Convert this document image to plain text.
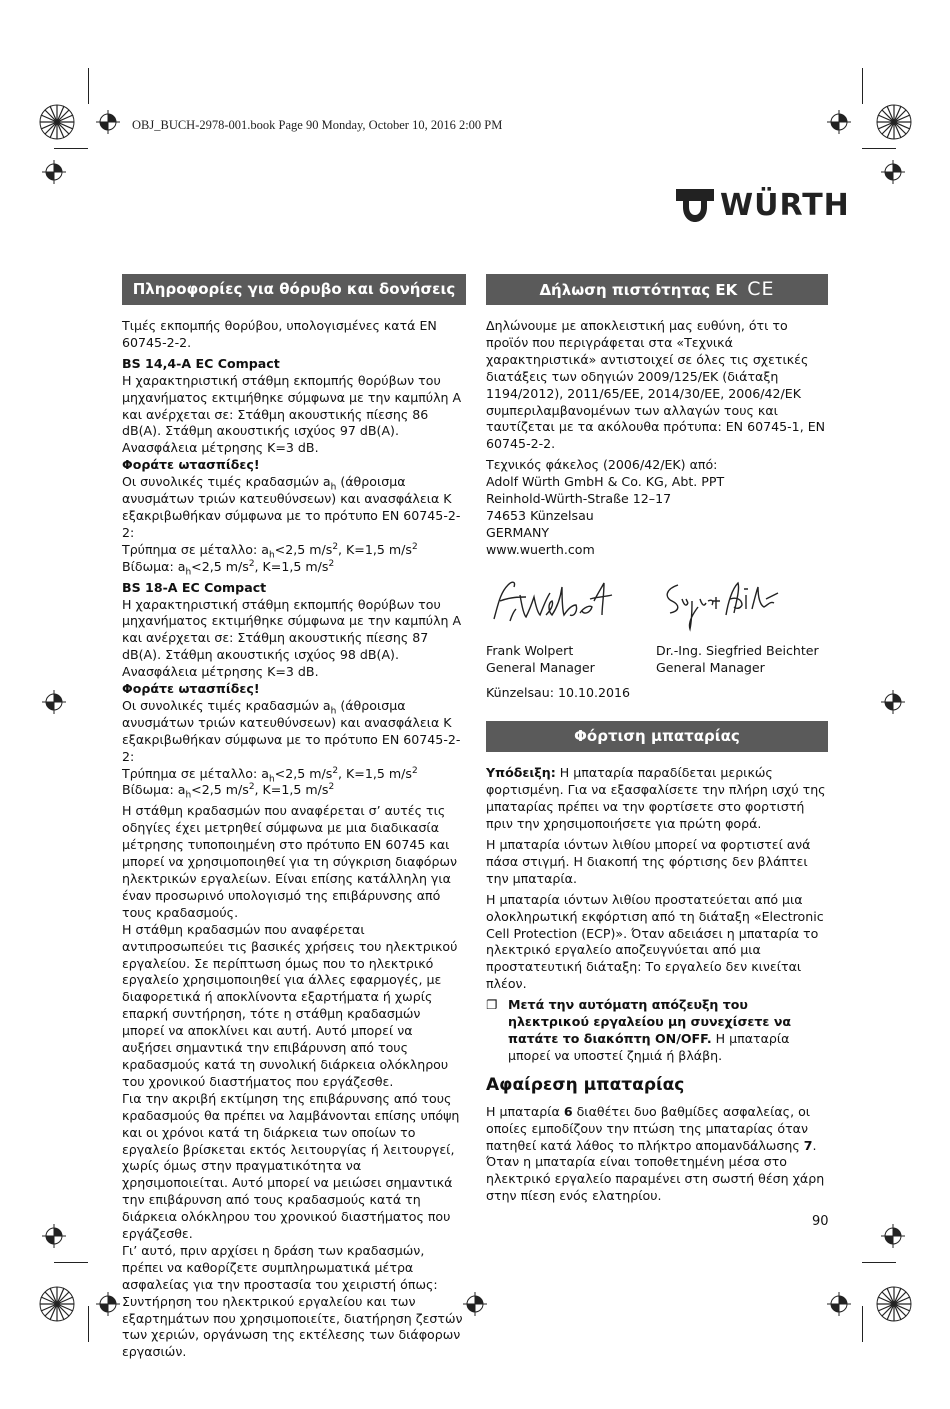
OBJ_BUCH-2978-001.book Page 90 Monday, October 10, 2016 2:00 PM
WÜRTH
Πληροφορίες για θόρυβο και δονήσεις

Τιμές εκπομπής θορύβου, υπολογισμένες κατά EN 60745-2-2.

BS 14,4-A EC Compact

Η χαρακτηριστική στάθμη εκπομπής θορύβων του μηχανήματος εκτιμήθηκε σύμφωνα με την καμπύλη A και ανέρχεται σε: Στάθμη ακουστικής πίεσης 86 dB(A). Στάθμη ακουστικής ισχύος 97 dB(A). Ανασφάλεια μέτρησης K=3 dB.

Φοράτε ωτασπίδες!

Οι συνολικές τιμές κραδασμών $a_h$ (άθροισμα ανυσμάτων τριών κατευθύνσεων) και ανασφάλεια K εξακριβωθήκαν σύμφωνα με το πρότυπο EN 60745-2-2:

Τρύπημα σε μέταλλο: $a_h<2,5$ $m/s^2$, K=1,5 $m/s^2$

Βίδωμα: $a_h<2,5$ $m/s^2$, K=1,5 $m/s^2$

BS 18-A EC Compact

Η χαρακτηριστική στάθμη εκπομπής θορύβων του μηχανήματος εκτιμήθηκε σύμφωνα με την καμπύλη A και ανέρχεται σε: Στάθμη ακουστικής πίεσης 87 dB(A). Στάθμη ακουστικής ισχύος 98 dB(A). Ανασφάλεια μέτρησης K=3 dB.

Φοράτε ωτασπίδες!

Οι συνολικές τιμές κραδασμών $a_h$ (άθροισμα ανυσμάτων τριών κατευθύνσεων) και ανασφάλεια K εξακριβωθήκαν σύμφωνα με το πρότυπο EN 60745-2-2:

Τρύπημα σε μέταλλο: $a_h<2,5$ $m/s^2$, K=1,5 $m/s^2$

Βίδωμα: $a_h<2,5$ $m/s^2$, K=1,5 $m/s^2$

Η στάθμη κραδασμών που αναφέρεται σ’ αυτές τις οδηγίες έχει μετρηθεί σύμφωνα με μια διαδικασία μέτρησης τυποποιημένη στο πρότυπο EN 60745 και μπορεί να χρησιμοποιηθεί για τη σύγκριση διαφόρων ηλεκτρικών εργαλείων. Είναι επίσης κατάλληλη για έναν προσωρινό υπολογισμό της επιβάρυνσης από τους κραδασμούς.

Η στάθμη κραδασμών που αναφέρεται αντιπροσωπεύει τις βασικές χρήσεις του ηλεκτρικού εργαλείου. Σε περίπτωση όμως που το ηλεκτρικό εργαλείο χρησιμοποιηθεί για άλλες εφαρμογές, με διαφορετικά ή αποκλίνοντα εξαρτήματα ή χωρίς επαρκή συντήρηση, τότε η στάθμη κραδασμών μπορεί να αποκλίνει και αυτή. Αυτό μπορεί να αυξήσει σημαντικά την επιβάρυνση από τους κραδασμούς κατά τη συνολική διάρκεια ολόκληρου του χρονικού διαστήματος που εργάζεσθε.

Για την ακριβή εκτίμηση της επιβάρυνσης από τους κραδασμούς θα πρέπει να λαμβάνονται επίσης υπόψη και οι χρόνοι κατά τη διάρκεια των οποίων το εργαλείο βρίσκεται εκτός λειτουργίας ή λειτουργεί, χωρίς όμως στην πραγματικότητα να χρησιμοποιείται. Αυτό μπορεί να μειώσει σημαντικά την επιβάρυνση από τους κραδασμούς κατά τη διάρκεια ολόκληρου του χρονικού διαστήματος που εργάζεσθε.

Γι’ αυτό, πριν αρχίσει η δράση των κραδασμών, πρέπει να καθορίζετε συμπληρωματικά μέτρα ασφαλείας για την προστασία του χειριστή όπως: Συντήρηση του ηλεκτρικού εργαλείου και των εξαρτημάτων που χρησιμοποιείτε, διατήρηση ζεστών των χεριών, οργάνωση της εκτέλεσης των διάφορων εργασιών.

Δήλωση πιστότητας ΕΚ CE

Δηλώνουμε με αποκλειστική μας ευθύνη, ότι το προϊόν που περιγράφεται στα «Τεχνικά χαρακτηριστικά» αντιστοιχεί σε όλες τις σχετικές διατάξεις των οδηγιών 2009/125/EK (διάταξη 1194/2012), 2011/65/EE, 2014/30/EE, 2006/42/EK συμπεριλαμβανομένων των αλλαγών τους και ταυτίζεται με τα ακόλουθα πρότυπα: EN 60745-1, EN 60745-2-2.

Τεχνικός φάκελος (2006/42/EK) από:

Adolf Würth GmbH & Co. KG, Abt. PPT

Reinhold-Würth-Straße 12–17

74653 Künzelsau

GERMANY

www.wuerth.com

Frank Wolpert
General Manager
Dr.-Ing. Siegfried Beichter
General Manager

Künzelsau: 10.10.2016

Φόρτιση μπαταρίας

Υπόδειξη: Η μπαταρία παραδίδεται μερικώς φορτισμένη. Για να εξασφαλίσετε την πλήρη ισχύ της μπαταρίας πρέπει να την φορτίσετε στο φορτιστή πριν την χρησιμοποιήσετε για πρώτη φορά.

Η μπαταρία ιόντων λιθίου μπορεί να φορτιστεί ανά πάσα στιγμή. Η διακοπή της φόρτισης δεν βλάπτει την μπαταρία.

Η μπαταρία ιόντων λιθίου προστατεύεται από μια ολοκληρωτική εκφόρτιση από τη διάταξη «Electronic Cell Protection (ECP)». Όταν αδειάσει η μπαταρία το ηλεκτρικό εργαλείο αποζευγνύεται από μια προστατευτική διάταξη: Το εργαλείο δεν κινείται πλέον.

❐ Μετά την αυτόματη απόζευξη του ηλεκτρικού εργαλείου μη συνεχίσετε να πατάτε το διακόπτη ON/OFF. Η μπαταρία μπορεί να υποστεί ζημιά ή βλάβη.
Αφαίρεση μπαταρίας

Η μπαταρία 6 διαθέτει δυο βαθμίδες ασφαλείας, οι οποίες εμποδίζουν την πτώση της μπαταρίας όταν πατηθεί κατά λάθος το πλήκτρο απομανδάλωσης 7. Όταν η μπαταρία είναι τοποθετημένη μέσα στο ηλεκτρικό εργαλείο παραμένει στη σωστή θέση χάρη στην πίεση ενός ελατηρίου.

90
